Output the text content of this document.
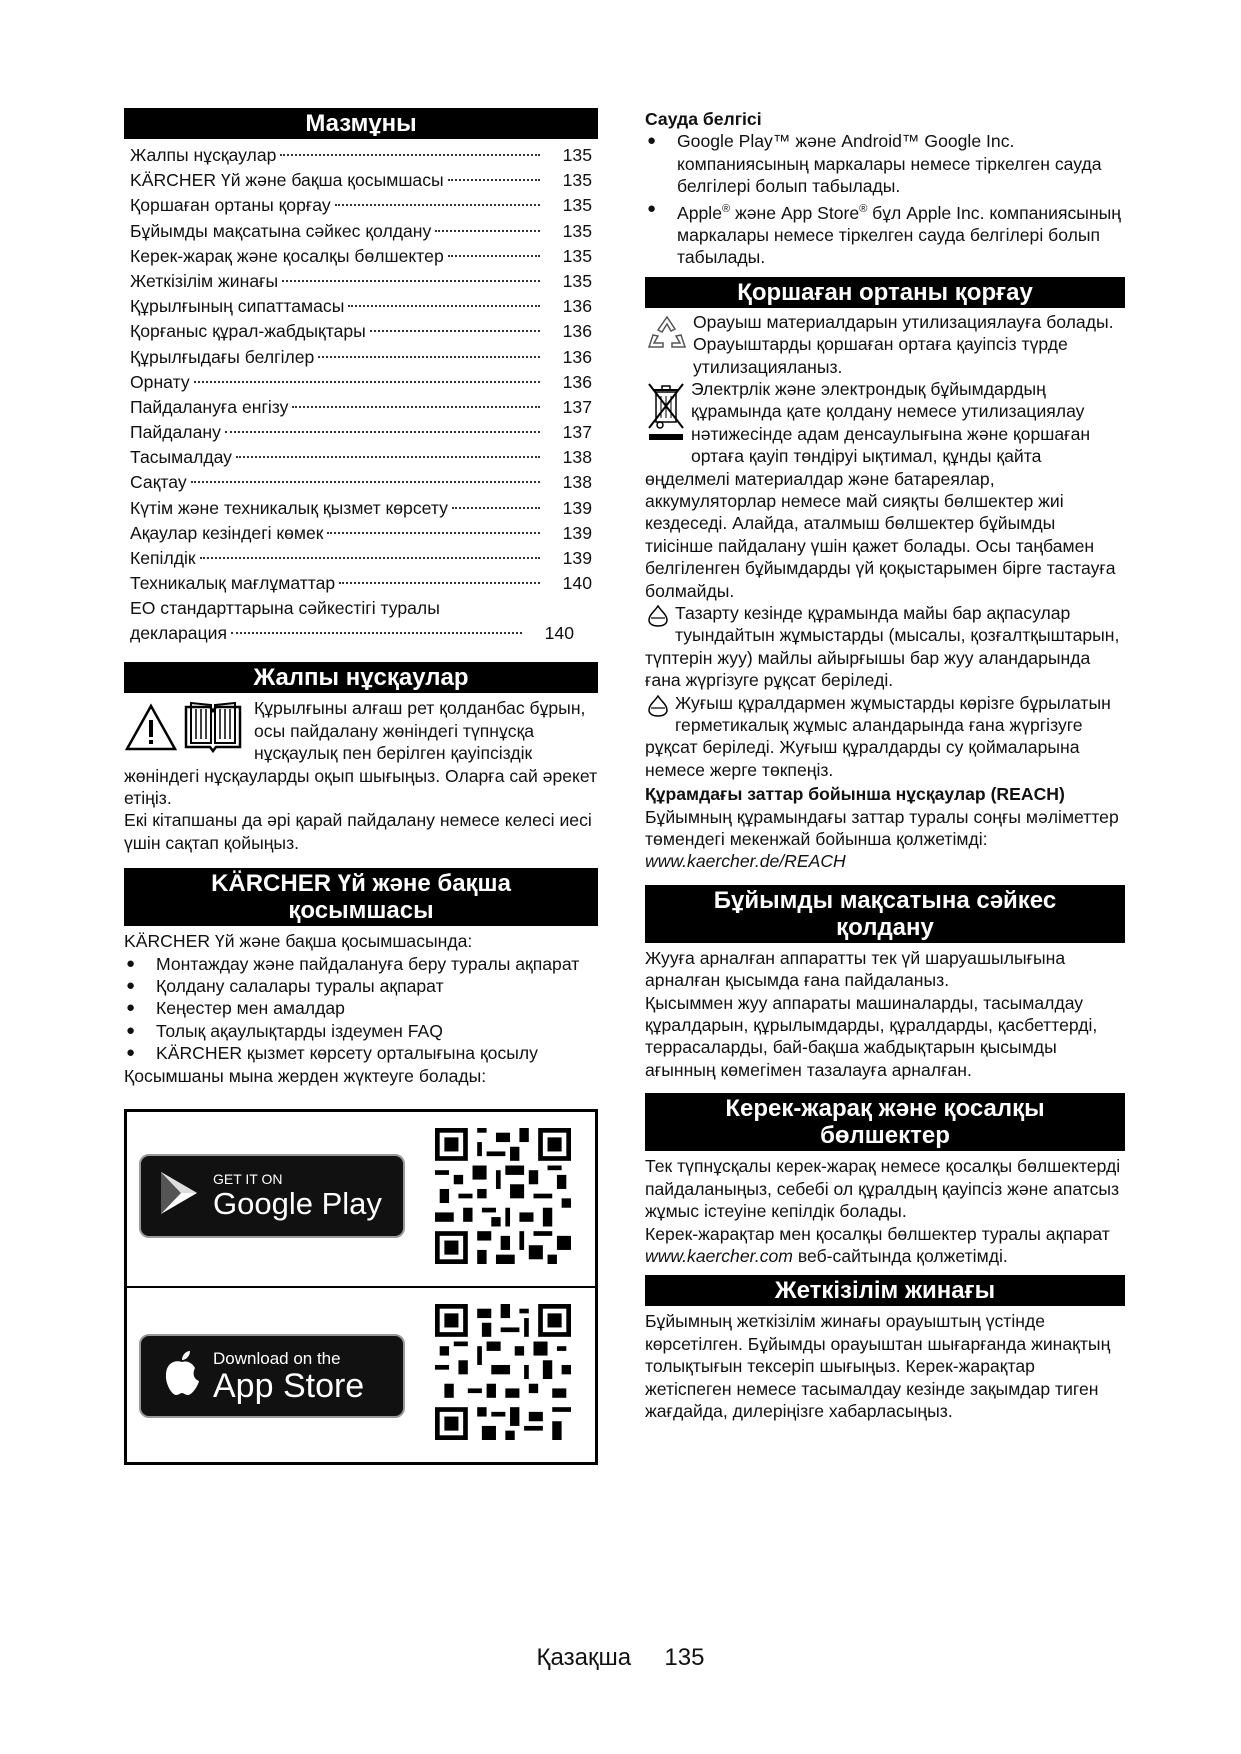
Мазмұны
Жалпы нұсқаулар	135
KÄRCHER Үй және бақша қосымшасы	135
Қоршаған ортаны қорғау	135
Бұйымды мақсатына сәйкес қолдану	135
Керек-жарақ және қосалқы бөлшектер	135
Жеткізілім жинағы	135
Құрылғының сипаттамасы	136
Қорғаныс құрал-жабдықтары	136
Құрылғыдағы белгілер	136
Орнату	136
Пайдалануға енгізу	137
Пайдалану	137
Тасымалдау	138
Сақтау	138
Күтім және техникалық қызмет көрсету	139
Ақаулар кезіндегі көмек	139
Кепілдік	139
Техникалық мағлұматтар	140
ЕО стандарттарына сәйкестігі туралы
декларация	140
Жалпы нұсқаулар

Құрылғыны алғаш рет қолданбас бұрын, осы пайдалану жөніндегі түпнұсқа нұсқаулық пен берілген қауіпсіздік жөніндегі нұсқауларды оқып шығыңыз. Оларға сай әрекет етіңіз.

Екі кітапшаны да әрі қарай пайдалану немесе келесі иесі үшін сақтап қойыңыз.

KÄRCHER Үй және бақша
қосымшасы

KÄRCHER Үй және бақша қосымшасында:

● Монтаждау және пайдалануға беру туралы ақпарат
● Қолдану салалары туралы ақпарат
● Кеңестер мен амалдар
● Толық ақаулықтарды іздеумен FAQ
● KÄRCHER қызмет көрсету орталығына қосылу

Қосымшаны мына жерден жүктеуге болады:

GET IT ON
Google Play
Download on the
App Store

Сауда белгісі

● Google Play™ және Android™ Google Inc. компаниясының маркалары немесе тіркелген сауда белгілері болып табылады.
● Apple® және App Store® бұл Apple Inc. компаниясының маркалары немесе тіркелген сауда белгілері болып табылады.
Қоршаған ортаны қорғау

Орауыш материалдарын утилизациялауға болады. Орауыштарды қоршаған ортаға қауіпсіз түрде утилизацияланыз.

Электрлік және электрондық бұйымдардың құрамында қате қолдану немесе утилизациялау нәтижесінде адам денсаулығына және қоршаған ортаға қауіп төндіруі ықтимал, құнды қайта өңделмелі материалдар және батареялар, аккумуляторлар немесе май сияқты бөлшектер жиі кездеседі. Алайда, аталмыш бөлшектер бұйымды тиісінше пайдалану үшін қажет болады. Осы таңбамен белгіленген бұйымдарды үй қоқыстарымен бірге тастауға болмайды.

Тазарту кезінде құрамында майы бар ақпасулар туындайтын жұмыстарды (мысалы, қозғалтқыштарын, түптерін жуу) майлы айырғышы бар жуу аландарында ғана жүргізуге рұқсат беріледі.

Жуғыш құралдармен жұмыстарды көрізге бұрылатын герметикалық жұмыс аландарында ғана жүргізуге рұқсат беріледі. Жуғыш құралдарды су қоймаларына немесе жерге төкпеңіз.

Құрамдағы заттар бойынша нұсқаулар (REACH)

Бұйымның құрамындағы заттар туралы соңғы мәліметтер төмендегі мекенжай бойынша қолжетімді: www.kaercher.de/REACH

Бұйымды мақсатына сәйкес
қолдану

Жууға арналған аппаратты тек үй шаруашылығына арналған қысымда ғана пайдаланыз.

Қысыммен жуу аппараты машиналарды, тасымалдау құралдарын, құрылымдарды, құралдарды, қасбеттерді, террасаларды, бай-бақша жабдықтарын қысымды ағынның көмегімен тазалауға арналған.

Керек-жарақ және қосалқы
бөлшектер

Тек түпнұсқалы керек-жарақ немесе қосалқы бөлшектерді пайдаланыңыз, себебі ол құралдың қауіпсіз және апатсыз жұмыс істеуіне кепілдік болады.

Керек-жарақтар мен қосалқы бөлшектер туралы ақпарат www.kaercher.com веб-сайтында қолжетімді.

Жеткізілім жинағы

Бұйымның жеткізілім жинағы орауыштың үстінде көрсетілген. Бұйымды орауыштан шығарғанда жинақтың толықтығын тексеріп шығыңыз. Керек-жарақтар жетіспеген немесе тасымалдау кезінде зақымдар тиген жағдайда, дилеріңізге хабарласыңыз.

Қазақша 135
